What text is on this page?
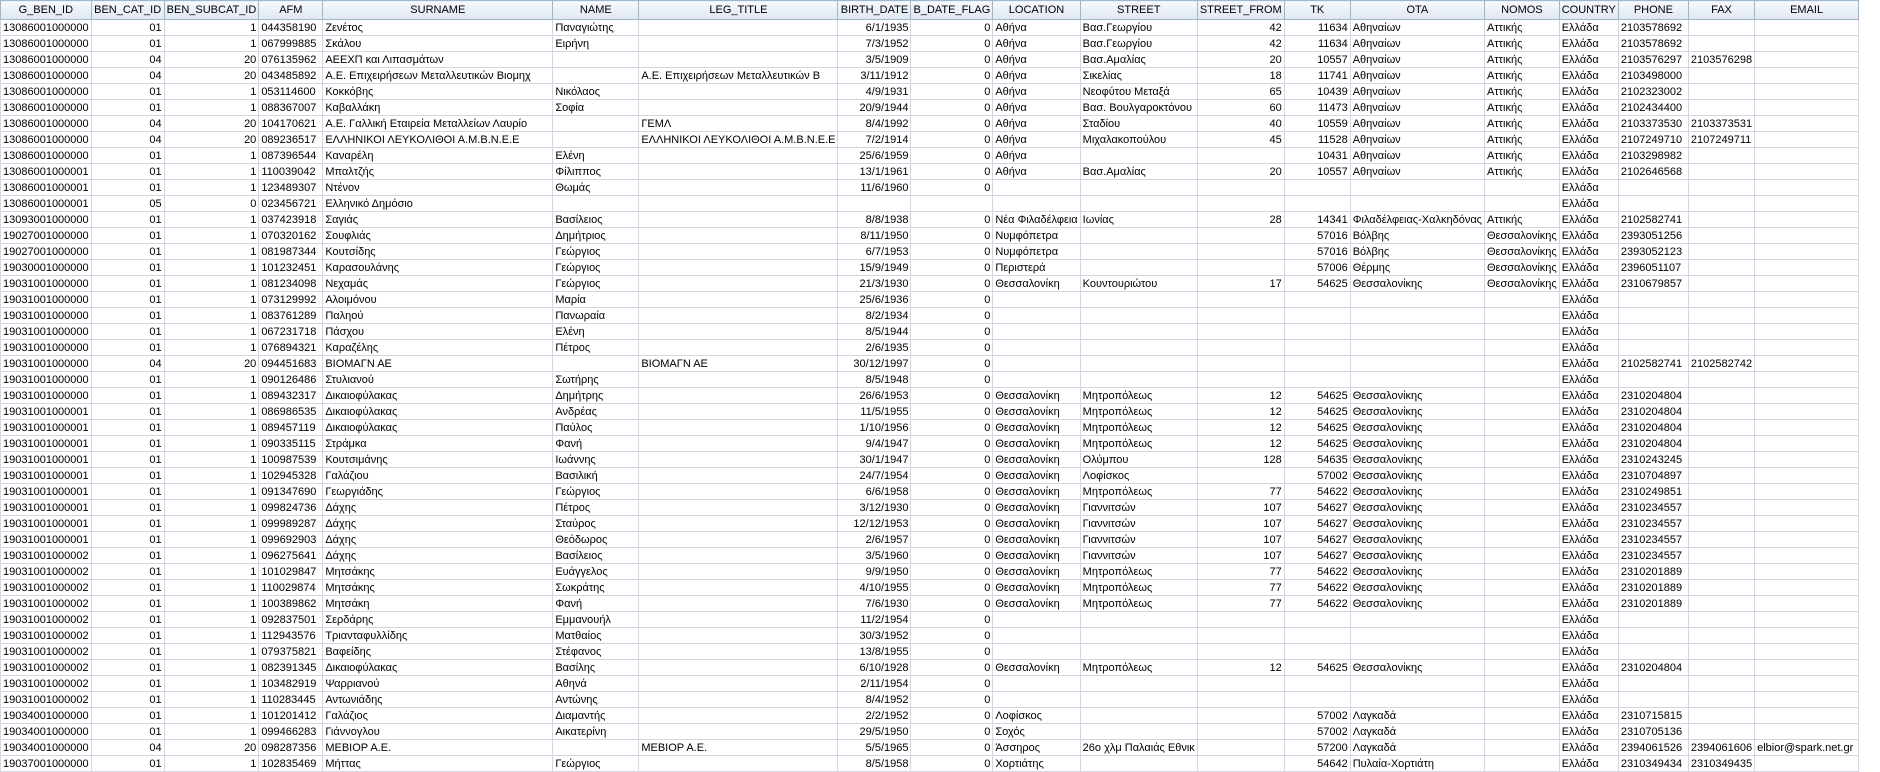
G_BEN_ID	BEN_CAT_ID	BEN_SUBCAT_ID	AFM	SURNAME	NAME	LEG_TITLE	BIRTH_DATE	B_DATE_FLAG	LOCATION	STREET	STREET_FROM	TK	OTA	NOMOS	COUNTRY	PHONE	FAX	EMAIL
13086001000000	01	1	044358190	Ζενέτος	Παναγιώτης		6/1/1935	0	Αθήνα	Βασ.Γεωργίου	42	11634	Αθηναίων	Αττικής	Ελλάδα	2103578692		
13086001000000	01	1	067999885	Σκάλου	Ειρήνη		7/3/1952	0	Αθήνα	Βασ.Γεωργίου	42	11634	Αθηναίων	Αττικής	Ελλάδα	2103578692		
13086001000000	04	20	076135962	ΑΕΕΧΠ και Λιπασμάτων			3/5/1909	0	Αθήνα	Βασ.Αμαλίας	20	10557	Αθηναίων	Αττικής	Ελλάδα	2103576297	2103576298	
13086001000000	04	20	043485892	Α.Ε. Επιχειρήσεων Μεταλλευτικών Βιομηχ		Α.Ε. Επιχειρήσεων Μεταλλευτικών Β	3/11/1912	0	Αθήνα	Σικελίας	18	11741	Αθηναίων	Αττικής	Ελλάδα	2103498000		
13086001000000	01	1	053114600	Κοκκόβης	Νικόλαος		4/9/1931	0	Αθήνα	Νεοφύτου Μεταξά	65	10439	Αθηναίων	Αττικής	Ελλάδα	2102323002		
13086001000000	01	1	088367007	Καβαλλάκη	Σοφία		20/9/1944	0	Αθήνα	Βασ. Βουλγαροκτόνου	60	11473	Αθηναίων	Αττικής	Ελλάδα	2102434400		
13086001000000	04	20	104170621	Α.Ε. Γαλλική Εταιρεία Μεταλλείων Λαυρίο		ΓΕΜΛ	8/4/1992	0	Αθήνα	Σταδίου	40	10559	Αθηναίων	Αττικής	Ελλάδα	2103373530	2103373531	
13086001000000	04	20	089236517	ΕΛΛΗΝΙΚΟΙ ΛΕΥΚΟΛΙΘΟΙ Α.Μ.Β.Ν.Ε.Ε		ΕΛΛΗΝΙΚΟΙ ΛΕΥΚΟΛΙΘΟΙ Α.Μ.Β.Ν.Ε.Ε	7/2/1914	0	Αθήνα	Μιχαλακοπούλου	45	11528	Αθηναίων	Αττικής	Ελλάδα	2107249710	2107249711	
13086001000000	01	1	087396544	Καναρέλη	Ελένη		25/6/1959	0	Αθήνα			10431	Αθηναίων	Αττικής	Ελλάδα	2103298982		
13086001000001	01	1	110039042	Μπαλτζής	Φίλιππος		13/1/1961	0	Αθήνα	Βασ.Αμαλίας	20	10557	Αθηναίων	Αττικής	Ελλάδα	2102646568		
13086001000001	01	1	123489307	Ντένον	Θωμάς		11/6/1960	0							Ελλάδα			
13086001000001	05	0	023456721	Ελληνικό Δημόσιο											Ελλάδα			
13093001000000	01	1	037423918	Σαγιάς	Βασίλειος		8/8/1938	0	Νέα Φιλαδέλφεια	Ιωνίας	28	14341	Φιλαδέλφειας-Χαλκηδόνας	Αττικής	Ελλάδα	2102582741		
19027001000000	01	1	070320162	Σουφλιάς	Δημήτριος		8/11/1950	0	Νυμφόπετρα			57016	Βόλβης	Θεσσαλονίκης	Ελλάδα	2393051256		
19027001000000	01	1	081987344	Κουτσίδης	Γεώργιος		6/7/1953	0	Νυμφόπετρα			57016	Βόλβης	Θεσσαλονίκης	Ελλάδα	2393052123		
19030001000000	01	1	101232451	Καρασουλάνης	Γεώργιος		15/9/1949	0	Περιστερά			57006	Θέρμης	Θεσσαλονίκης	Ελλάδα	2396051107		
19031001000000	01	1	081234098	Νεχαμάς	Γεώργιος		21/3/1930	0	Θεσσαλονίκη	Κουντουριώτου	17	54625	Θεσσαλονίκης	Θεσσαλονίκης	Ελλάδα	2310679857		
19031001000000	01	1	073129992	Αλοιμόνου	Μαρία		25/6/1936	0							Ελλάδα			
19031001000000	01	1	083761289	Παληού	Πανωραία		8/2/1934	0							Ελλάδα			
19031001000000	01	1	067231718	Πάσχου	Ελένη		8/5/1944	0							Ελλάδα			
19031001000000	01	1	076894321	Καραζέλης	Πέτρος		2/6/1935	0							Ελλάδα			
19031001000000	04	20	094451683	ΒΙΟΜΑΓΝ ΑΕ		ΒΙΟΜΑΓΝ ΑΕ	30/12/1997	0							Ελλάδα	2102582741	2102582742	
19031001000000	01	1	090126486	Στυλιανού	Σωτήρης		8/5/1948	0							Ελλάδα			
19031001000000	01	1	089432317	Δικαιοφύλακας	Δημήτρης		26/6/1953	0	Θεσσαλονίκη	Μητροπόλεως	12	54625	Θεσσαλονίκης		Ελλάδα	2310204804		
19031001000001	01	1	086986535	Δικαιοφύλακας	Ανδρέας		11/5/1955	0	Θεσσαλονίκη	Μητροπόλεως	12	54625	Θεσσαλονίκης		Ελλάδα	2310204804		
19031001000001	01	1	089457119	Δικαιοφύλακας	Παύλος		1/10/1956	0	Θεσσαλονίκη	Μητροπόλεως	12	54625	Θεσσαλονίκης		Ελλάδα	2310204804		
19031001000001	01	1	090335115	Στράμκα	Φανή		9/4/1947	0	Θεσσαλονίκη	Μητροπόλεως	12	54625	Θεσσαλονίκης		Ελλάδα	2310204804		
19031001000001	01	1	100987539	Κουτσιμάνης	Ιωάννης		30/1/1947	0	Θεσσαλονίκη	Ολύμπου	128	54635	Θεσσαλονίκης		Ελλάδα	2310243245		
19031001000001	01	1	102945328	Γαλάζιου	Βασιλική		24/7/1954	0	Θεσσαλονίκη	Λοφίσκος		57002	Θεσσαλονίκης		Ελλάδα	2310704897		
19031001000001	01	1	091347690	Γεωργιάδης	Γεώργιος		6/6/1958	0	Θεσσαλονίκη	Μητροπόλεως	77	54622	Θεσσαλονίκης		Ελλάδα	2310249851		
19031001000001	01	1	099824736	Δάχης	Πέτρος		3/12/1930	0	Θεσσαλονίκη	Γιαννιτσών	107	54627	Θεσσαλονίκης		Ελλάδα	2310234557		
19031001000001	01	1	099989287	Δάχης	Σταύρος		12/12/1953	0	Θεσσαλονίκη	Γιαννιτσών	107	54627	Θεσσαλονίκης		Ελλάδα	2310234557		
19031001000001	01	1	099692903	Δάχης	Θεόδωρος		2/6/1957	0	Θεσσαλονίκη	Γιαννιτσών	107	54627	Θεσσαλονίκης		Ελλάδα	2310234557		
19031001000002	01	1	096275641	Δάχης	Βασίλειος		3/5/1960	0	Θεσσαλονίκη	Γιαννιτσών	107	54627	Θεσσαλονίκης		Ελλάδα	2310234557		
19031001000002	01	1	101029847	Μητσάκης	Ευάγγελος		9/9/1950	0	Θεσσαλονίκη	Μητροπόλεως	77	54622	Θεσσαλονίκης		Ελλάδα	2310201889		
19031001000002	01	1	110029874	Μητσάκης	Σωκράτης		4/10/1955	0	Θεσσαλονίκη	Μητροπόλεως	77	54622	Θεσσαλονίκης		Ελλάδα	2310201889		
19031001000002	01	1	100389862	Μητσάκη	Φανή		7/6/1930	0	Θεσσαλονίκη	Μητροπόλεως	77	54622	Θεσσαλονίκης		Ελλάδα	2310201889		
19031001000002	01	1	092837501	Σερδάρης	Εμμανουήλ		11/2/1954	0							Ελλάδα			
19031001000002	01	1	112943576	Τριανταφυλλίδης	Ματθαίος		30/3/1952	0							Ελλάδα			
19031001000002	01	1	079375821	Βαφείδης	Στέφανος		13/8/1955	0							Ελλάδα			
19031001000002	01	1	082391345	Δικαιοφύλακας	Βασίλης		6/10/1928	0	Θεσσαλονίκη	Μητροπόλεως	12	54625	Θεσσαλονίκης		Ελλάδα	2310204804		
19031001000002	01	1	103482919	Ψαρριανού	Αθηνά		2/11/1954	0							Ελλάδα			
19031001000002	01	1	110283445	Αντωνιάδης	Αντώνης		8/4/1952	0							Ελλάδα			
19034001000000	01	1	101201412	Γαλάζιος	Διαμαντής		2/2/1952	0	Λοφίσκος			57002	Λαγκαδά		Ελλάδα	2310715815		
19034001000000	01	1	099466283	Γιάννογλου	Αικατερίνη		29/5/1950	0	Σοχός			57002	Λαγκαδά		Ελλάδα	2310705136		
19034001000000	04	20	098287356	ΜΕΒΙΟΡ Α.Ε.		ΜΕΒΙΟΡ Α.Ε.	5/5/1965	0	Άσσηρος	26ο χλμ Παλαιάς Εθνικ		57200	Λαγκαδά		Ελλάδα	2394061526	2394061606	elbior@spark.net.gr
19037001000000	01	1	102835469	Μήττας	Γεώργιος		8/5/1958	0	Χορτιάτης			54642	Πυλαία-Χορτιάτη		Ελλάδα	2310349434	2310349435	
